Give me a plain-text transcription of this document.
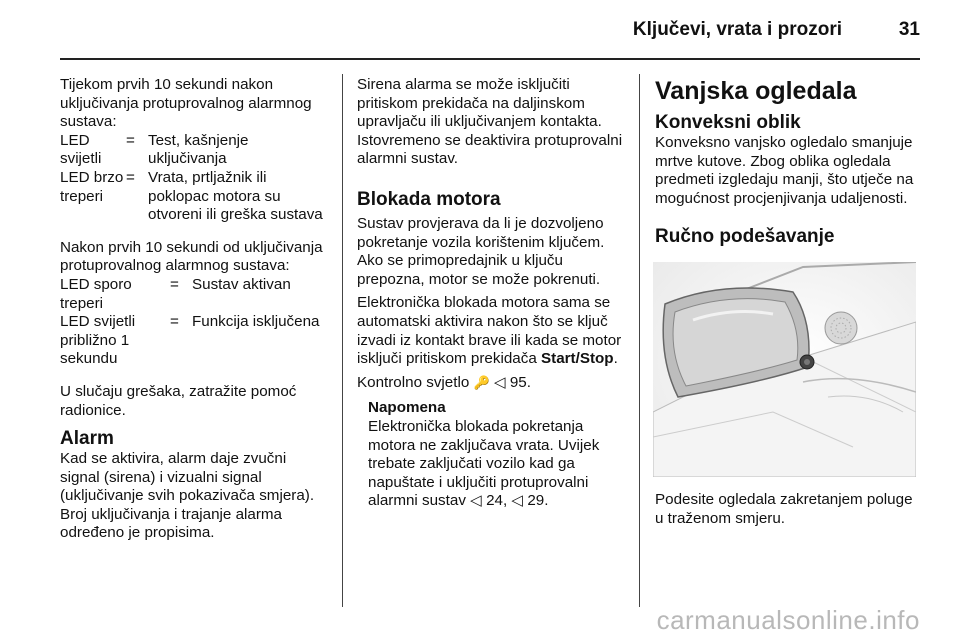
Ključevi, vrata i prozori	31

Tijekom prvih 10 sekundi nakon uključivanja protuprovalnog alarmnog sustava:

LED svijetli
= Test, kašnjenje uključivanja
LED brzo treperi
= Vrata, prtljažnik ili poklopac motora su otvoreni ili greška sustava

Nakon prvih 10 sekundi od uključivanja protuprovalnog alarmnog sustava:

LED sporo treperi
= Sustav aktivan
LED svijetli približno 1 sekundu
= Funkcija isključena

U slučaju grešaka, zatražite pomoć radionice.

Alarm

Kad se aktivira, alarm daje zvučni signal (sirena) i vizualni signal (uključivanje svih pokazivača smjera). Broj uključivanja i trajanje alarma određeno je propisima.

Sirena alarma se može isključiti pritiskom prekidača na daljinskom upravljaču ili uključivanjem kontakta. Istovremeno se deaktivira protuprovalni alarmni sustav.

Blokada motora

Sustav provjerava da li je dozvoljeno pokretanje vozila korištenim ključem. Ako se primopredajnik u ključu prepozna, motor se može pokrenuti.

Elektronička blokada motora sama se automatski aktivira nakon što se ključ izvadi iz kontakt brave ili kada se motor isključi pritiskom prekidača Start/Stop.

Kontrolno svjetlo 🔑 ◁ 95.

Napomena

Elektronička blokada pokretanja motora ne zaključava vrata. Uvijek trebate zaključati vozilo kad ga napuštate i uključiti protuprovalni alarmni sustav ◁ 24, ◁ 29.

Vanjska ogledala
Konveksni oblik

Konveksno vanjsko ogledalo smanjuje mrtve kutove. Zbog oblika ogledala predmeti izgledaju manji, što utječe na mogućnost procjenjivanja udaljenosti.

Ručno podešavanje

Podesite ogledala zakretanjem poluge u traženom smjeru.

carmanualsonline.info
